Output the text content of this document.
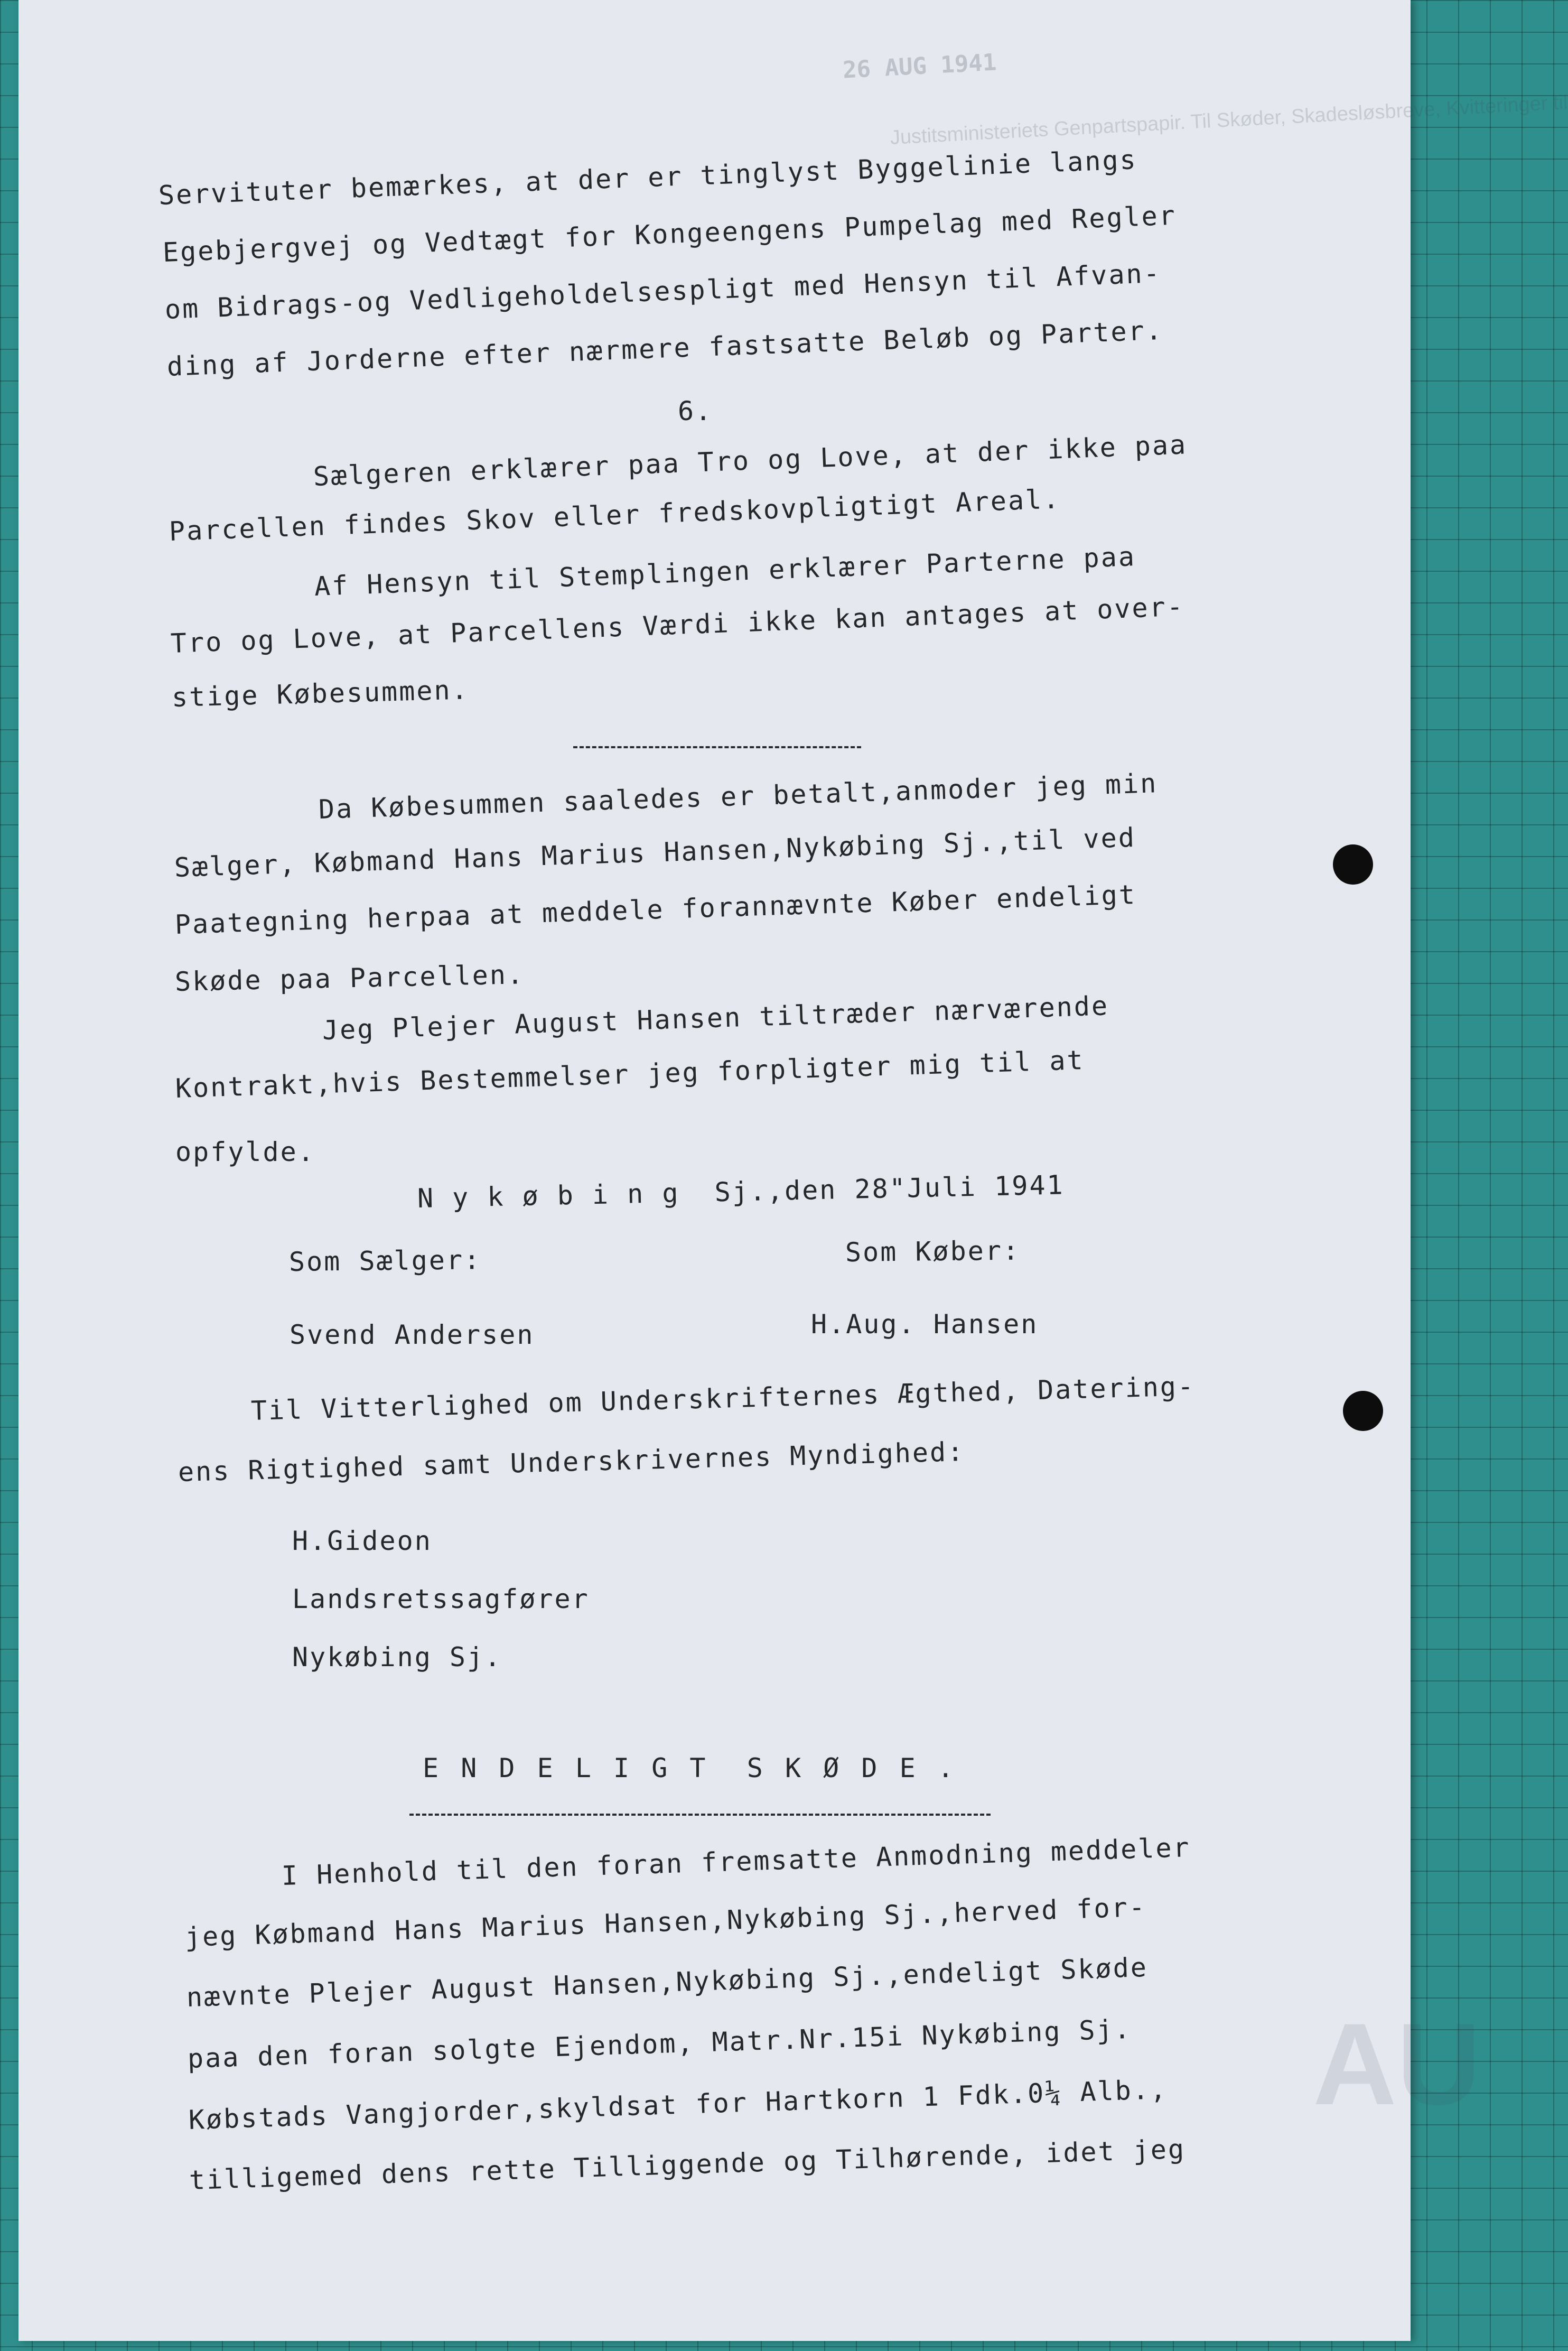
26 AUG 1941
Justitsministeriets Genpartspapir. Til Skøder, Skadesløsbreve, Kvitteringer til
AU
Servituter bemærkes, at der er tinglyst Byggelinie langs
Egebjergvej og Vedtægt for Kongeengens Pumpelag med Regler
om Bidrags-og Vedligeholdelsespligt med Hensyn til Afvan-
ding af Jorderne efter nærmere fastsatte Beløb og Parter.
6.
Sælgeren erklærer paa Tro og Love, at der ikke paa
Parcellen findes Skov eller fredskovpligtigt Areal.
Af Hensyn til Stemplingen erklærer Parterne paa
Tro og Love, at Parcellens Værdi ikke kan antages at over-
stige Købesummen.
Da Købesummen saaledes er betalt,anmoder jeg min
Sælger, Købmand Hans Marius Hansen,Nykøbing Sj.,til ved
Paategning herpaa at meddele forannævnte Køber endeligt
Skøde paa Parcellen.
Jeg Plejer August Hansen tiltræder nærværende
Kontrakt,hvis Bestemmelser jeg forpligter mig til at
opfylde.
N y k ø b i n g  Sj.,den 28"Juli 1941
Som Sælger:	Som Køber:
Svend Andersen	H.Aug. Hansen
Til Vitterlighed om Underskrifternes Ægthed, Datering-
ens Rigtighed samt Underskrivernes Myndighed:
H.Gideon
Landsretssagfører
Nykøbing Sj.
E N D E L I G T  S K Ø D E .
I Henhold til den foran fremsatte Anmodning meddeler
jeg Købmand Hans Marius Hansen,Nykøbing Sj.,herved for-
nævnte Plejer August Hansen,Nykøbing Sj.,endeligt Skøde
paa den foran solgte Ejendom, Matr.Nr.15i Nykøbing Sj.
Købstads Vangjorder,skyldsat for Hartkorn 1 Fdk.0¼ Alb.,
tilligemed dens rette Tilliggende og Tilhørende, idet jeg
